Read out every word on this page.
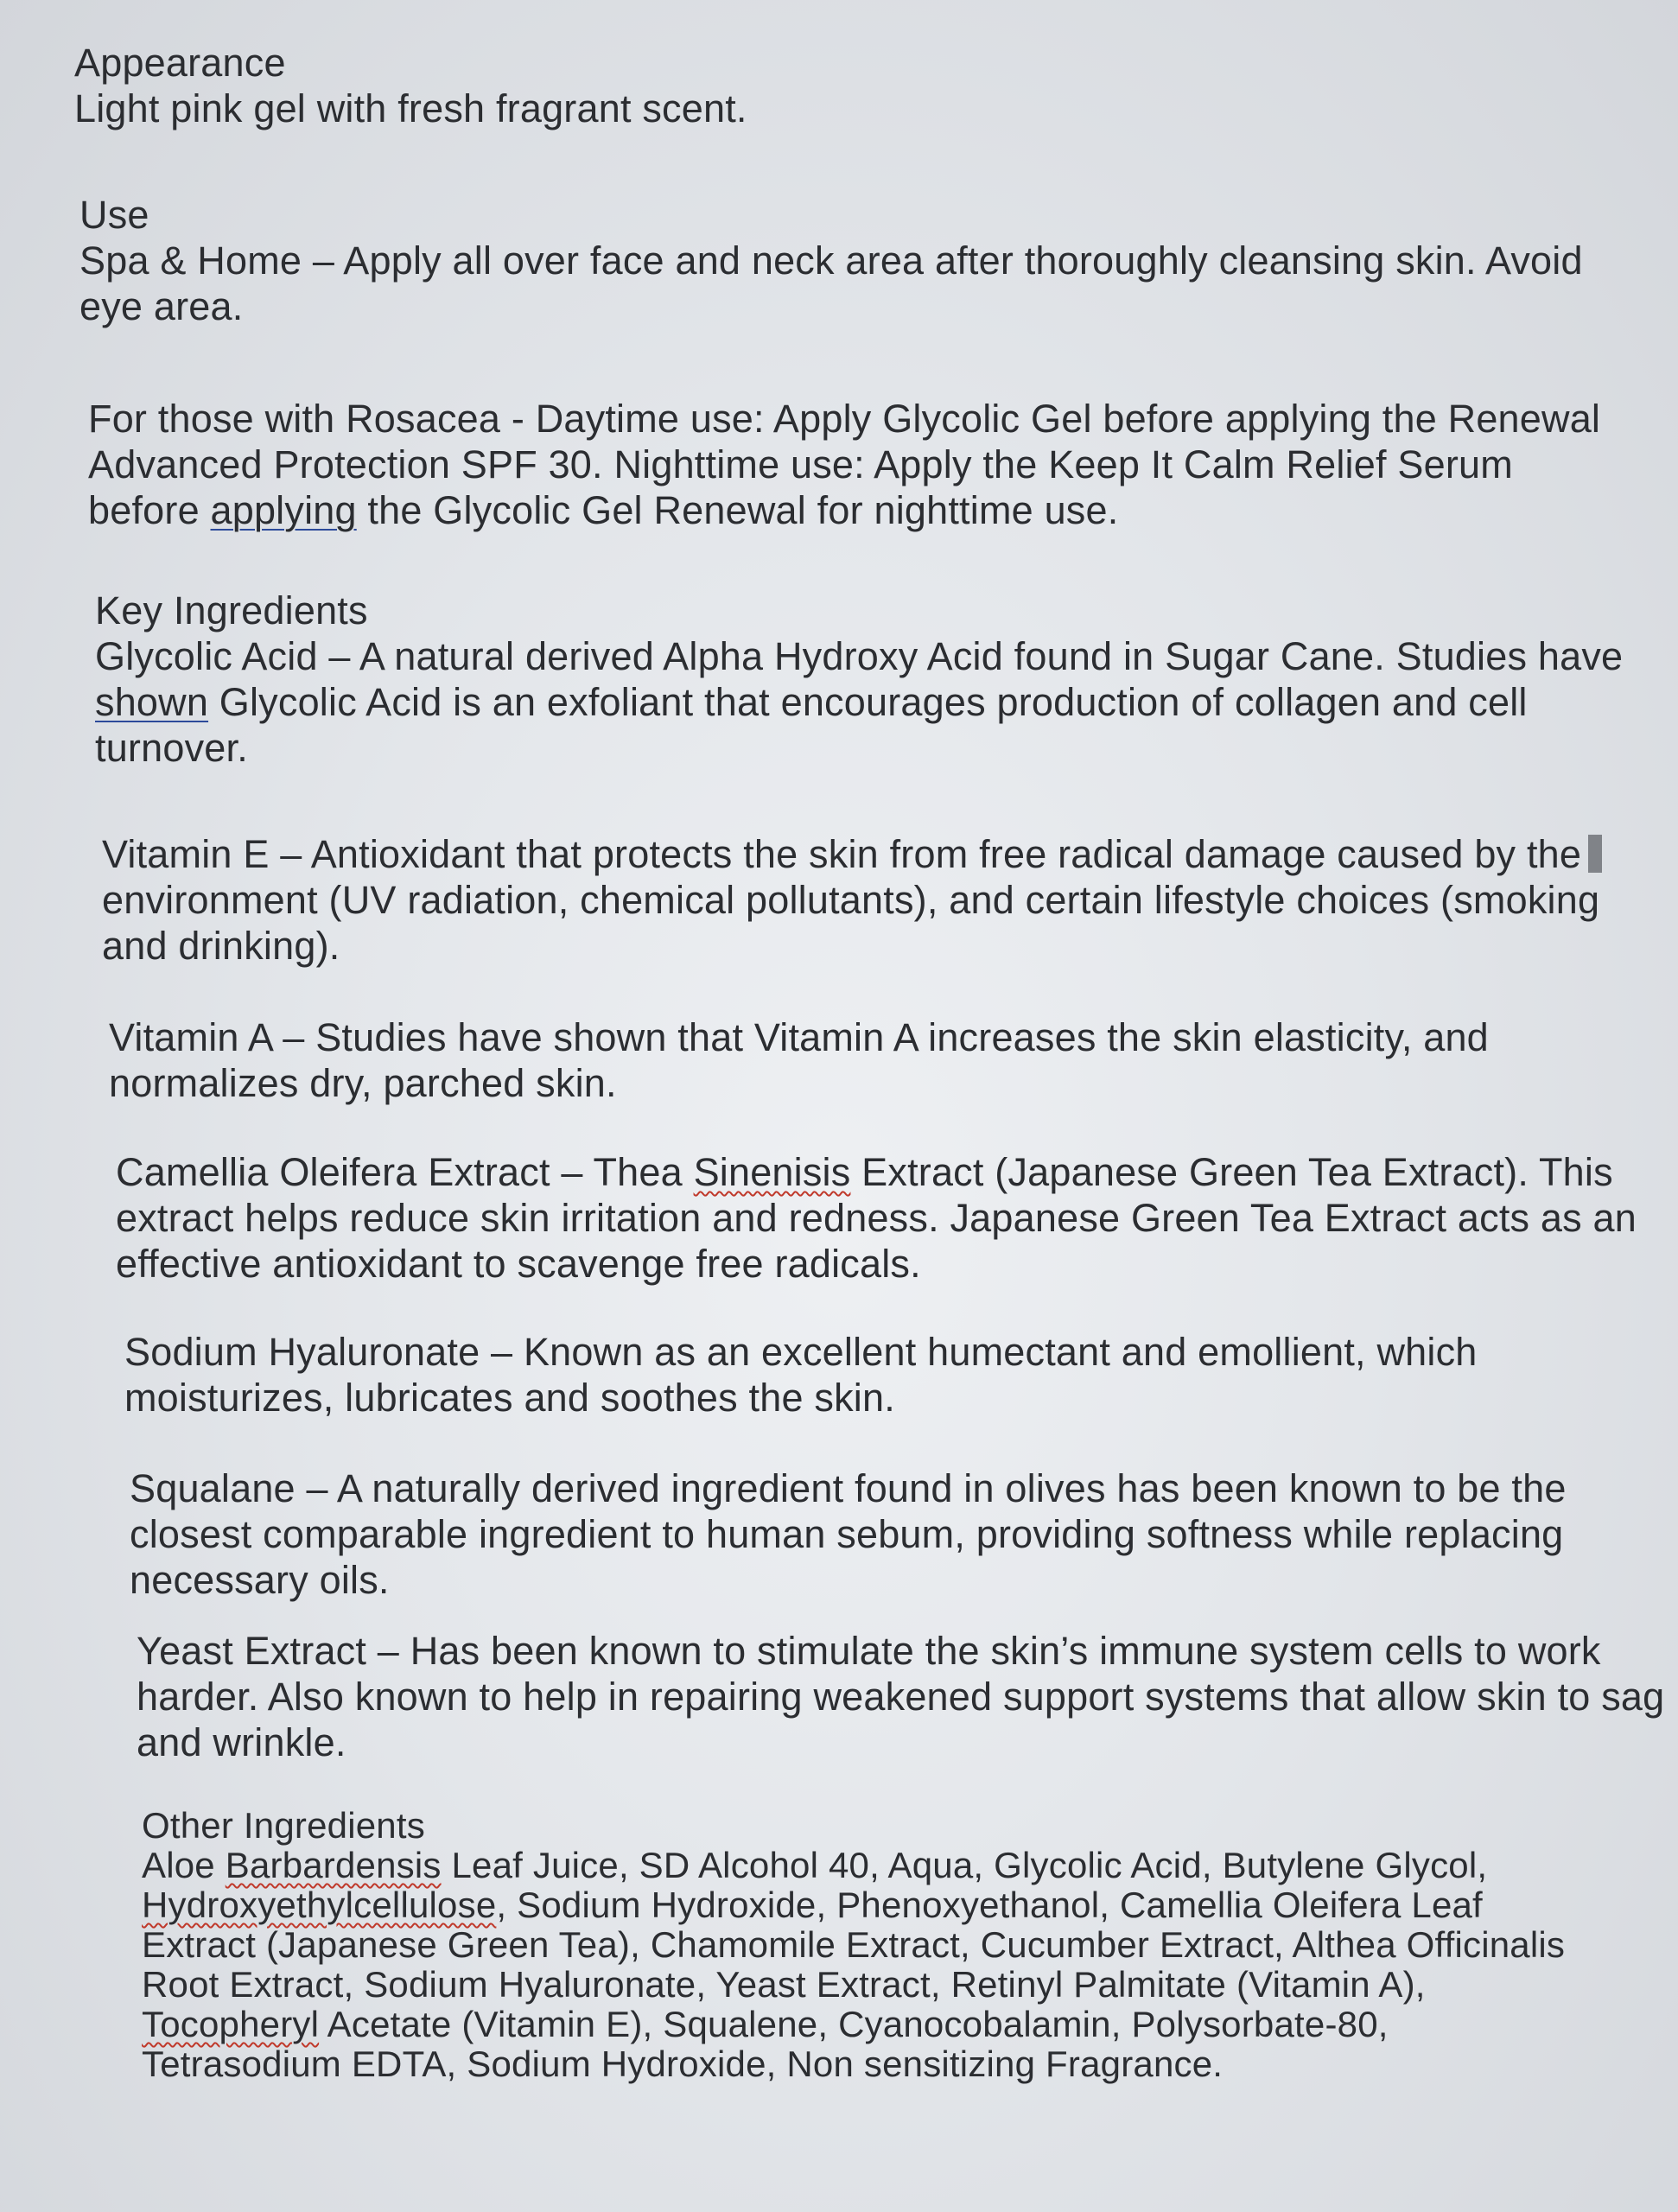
Appearance
Light pink gel with fresh fragrant scent.
Use
Spa & Home – Apply all over face and neck area after thoroughly cleansing skin. Avoid
eye area.
For those with Rosacea - Daytime use: Apply Glycolic Gel before applying the Renewal
Advanced Protection SPF 30. Nighttime use: Apply the Keep It Calm Relief Serum
before applying the Glycolic Gel Renewal for nighttime use.
Key Ingredients
Glycolic Acid – A natural derived Alpha Hydroxy Acid found in Sugar Cane. Studies have
shown Glycolic Acid is an exfoliant that encourages production of collagen and cell
turnover.
Vitamin E – Antioxidant that protects the skin from free radical damage caused by the
environment (UV radiation, chemical pollutants), and certain lifestyle choices (smoking
and drinking).
Vitamin A – Studies have shown that Vitamin A increases the skin elasticity, and
normalizes dry, parched skin.
Camellia Oleifera Extract – Thea Sinenisis Extract (Japanese Green Tea Extract). This
extract helps reduce skin irritation and redness. Japanese Green Tea Extract acts as an
effective antioxidant to scavenge free radicals.
Sodium Hyaluronate – Known as an excellent humectant and emollient, which
moisturizes, lubricates and soothes the skin.
Squalane – A naturally derived ingredient found in olives has been known to be the
closest comparable ingredient to human sebum, providing softness while replacing
necessary oils.
Yeast Extract – Has been known to stimulate the skin’s immune system cells to work
harder. Also known to help in repairing weakened support systems that allow skin to sag
and wrinkle.
Other Ingredients
Aloe Barbardensis Leaf Juice, SD Alcohol 40, Aqua, Glycolic Acid, Butylene Glycol,
Hydroxyethylcellulose, Sodium Hydroxide, Phenoxyethanol, Camellia Oleifera Leaf
Extract (Japanese Green Tea), Chamomile Extract, Cucumber Extract, Althea Officinalis
Root Extract, Sodium Hyaluronate, Yeast Extract, Retinyl Palmitate (Vitamin A),
Tocopheryl Acetate (Vitamin E), Squalene, Cyanocobalamin, Polysorbate-80,
Tetrasodium EDTA, Sodium Hydroxide, Non sensitizing Fragrance.
